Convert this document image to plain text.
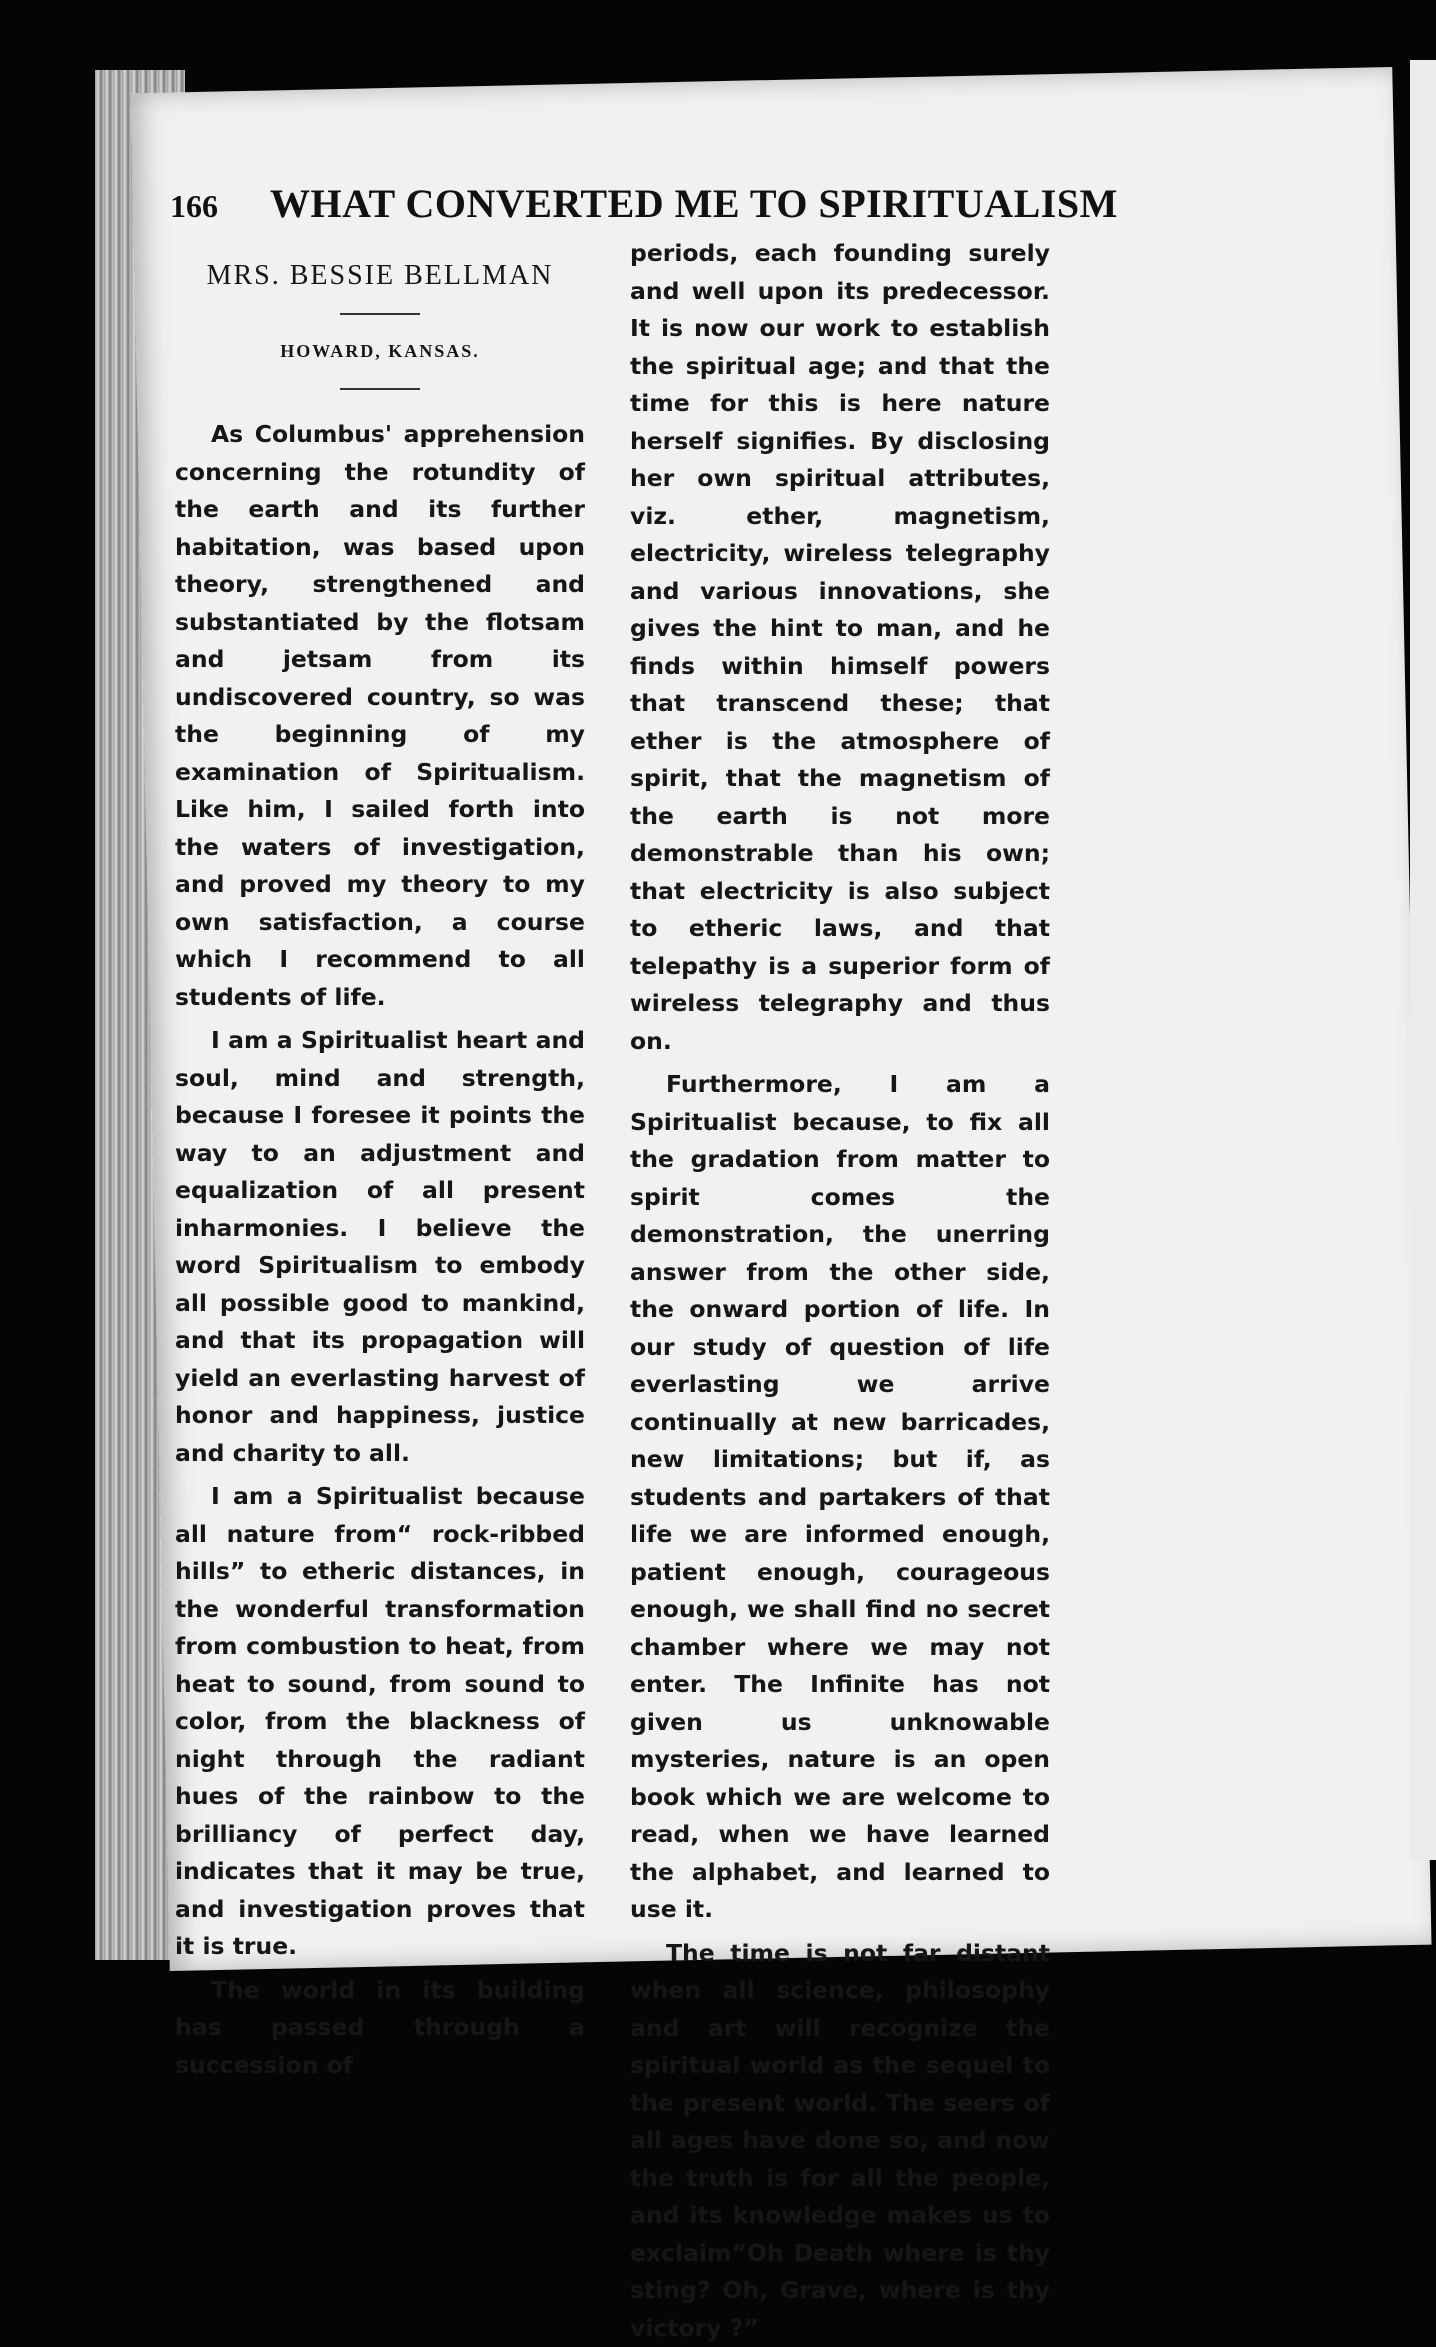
166	WHAT CONVERTED ME TO SPIRITUALISM
MRS. BESSIE BELLMAN
HOWARD, KANSAS.

As Columbus' apprehension concerning the rotundity of the earth and its further habitation, was based upon theory, strengthened and substantiated by the flotsam and jetsam from its undiscovered country, so was the beginning of my examination of Spiritualism. Like him, I sailed forth into the waters of investigation, and proved my theory to my own satisfaction, a course which I recommend to all students of life.

I am a Spiritualist heart and soul, mind and strength, because I foresee it points the way to an adjustment and equalization of all present inharmonies. I believe the word Spiritualism to embody all possible good to mankind, and that its propagation will yield an everlasting harvest of honor and happiness, justice and charity to all.

I am a Spiritualist because all nature from“ rock-ribbed hills” to etheric distances, in the wonderful transformation from combustion to heat, from heat to sound, from sound to color, from the blackness of night through the radiant hues of the rainbow to the brilliancy of perfect day, indicates that it may be true, and investigation proves that it is true.

The world in its building has passed through a succession of

periods, each founding surely and well upon its predecessor. It is now our work to establish the spiritual age; and that the time for this is here nature herself signifies. By disclosing her own spiritual attributes, viz. ether, magnetism, electricity, wireless telegraphy and various innovations, she gives the hint to man, and he finds within himself powers that transcend these; that ether is the atmosphere of spirit, that the magnetism of the earth is not more demonstrable than his own; that electricity is also subject to etheric laws, and that telepathy is a superior form of wireless telegraphy and thus on.

Furthermore, I am a Spiritualist because, to fix all the gradation from matter to spirit comes the demonstration, the unerring answer from the other side, the onward portion of life. In our study of question of life everlasting we arrive continually at new barricades, new limitations; but if, as students and partakers of that life we are informed enough, patient enough, courageous enough, we shall find no secret chamber where we may not enter. The Infinite has not given us unknowable mysteries, nature is an open book which we are welcome to read, when we have learned the alphabet, and learned to use it.

The time is not far distant when all science, philosophy and art will recognize the spiritual world as the sequel to the present world. The seers of all ages have done so, and now the truth is for all the people, and its knowledge makes us to exclaim“Oh Death where is thy sting? Oh, Grave, where is thy victory ?”
